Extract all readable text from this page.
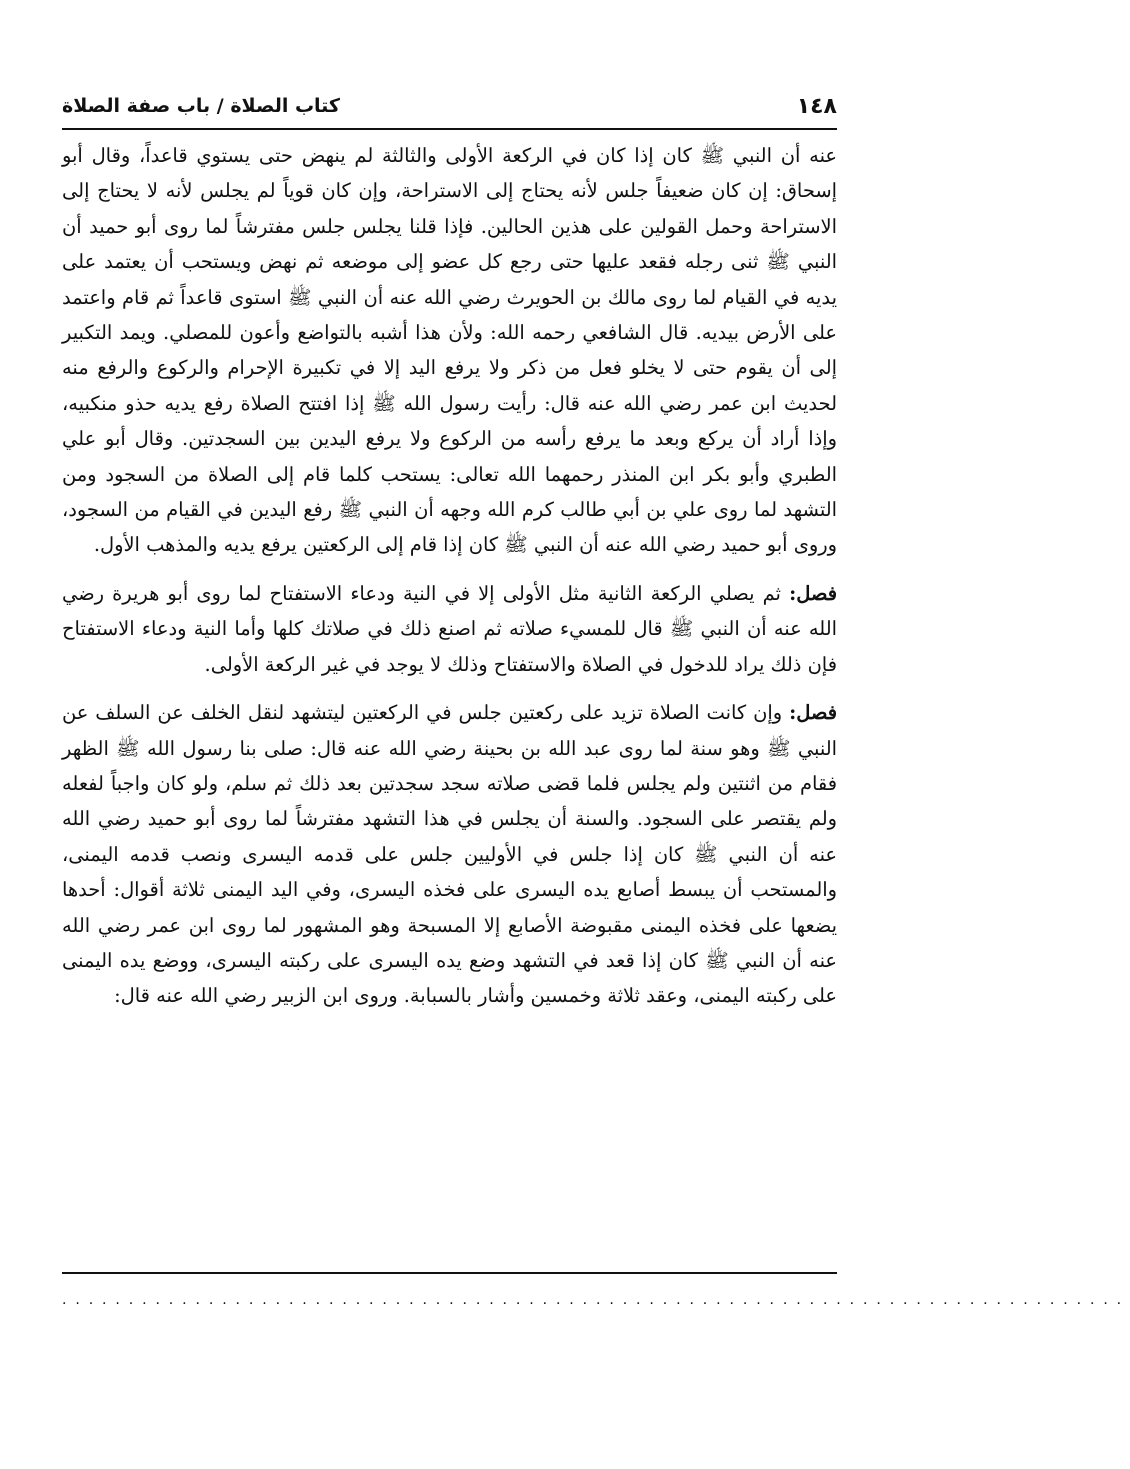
١٤٨
كتاب الصلاة / باب صفة الصلاة

عنه أن النبي ﷺ كان إذا كان في الركعة الأولى والثالثة لم ينهض حتى يستوي قاعداً، وقال أبو إسحاق: إن كان ضعيفاً جلس لأنه يحتاج إلى الاستراحة، وإن كان قوياً لم يجلس لأنه لا يحتاج إلى الاستراحة وحمل القولين على هذين الحالين. فإذا قلنا يجلس جلس مفترشاً لما روى أبو حميد أن النبي ﷺ ثنى رجله فقعد عليها حتى رجع كل عضو إلى موضعه ثم نهض ويستحب أن يعتمد على يديه في القيام لما روى مالك بن الحويرث رضي الله عنه أن النبي ﷺ استوى قاعداً ثم قام واعتمد على الأرض بيديه. قال الشافعي رحمه الله: ولأن هذا أشبه بالتواضع وأعون للمصلي. ويمد التكبير إلى أن يقوم حتى لا يخلو فعل من ذكر ولا يرفع اليد إلا في تكبيرة الإحرام والركوع والرفع منه لحديث ابن عمر رضي الله عنه قال: رأيت رسول الله ﷺ إذا افتتح الصلاة رفع يديه حذو منكبيه، وإذا أراد أن يركع وبعد ما يرفع رأسه من الركوع ولا يرفع اليدين بين السجدتين. وقال أبو علي الطبري وأبو بكر ابن المنذر رحمهما الله تعالى: يستحب كلما قام إلى الصلاة من السجود ومن التشهد لما روى علي بن أبي طالب كرم الله وجهه أن النبي ﷺ رفع اليدين في القيام من السجود، وروى أبو حميد رضي الله عنه أن النبي ﷺ كان إذا قام إلى الركعتين يرفع يديه والمذهب الأول.

فصل: ثم يصلي الركعة الثانية مثل الأولى إلا في النية ودعاء الاستفتاح لما روى أبو هريرة رضي الله عنه أن النبي ﷺ قال للمسيء صلاته ثم اصنع ذلك في صلاتك كلها وأما النية ودعاء الاستفتاح فإن ذلك يراد للدخول في الصلاة والاستفتاح وذلك لا يوجد في غير الركعة الأولى.

فصل: وإن كانت الصلاة تزيد على ركعتين جلس في الركعتين ليتشهد لنقل الخلف عن السلف عن النبي ﷺ وهو سنة لما روى عبد الله بن بحينة رضي الله عنه قال: صلى بنا رسول الله ﷺ الظهر فقام من اثنتين ولم يجلس فلما قضى صلاته سجد سجدتين بعد ذلك ثم سلم، ولو كان واجباً لفعله ولم يقتصر على السجود. والسنة أن يجلس في هذا التشهد مفترشاً لما روى أبو حميد رضي الله عنه أن النبي ﷺ كان إذا جلس في الأوليين جلس على قدمه اليسرى ونصب قدمه اليمنى، والمستحب أن يبسط أصابع يده اليسرى على فخذه اليسرى، وفي اليد اليمنى ثلاثة أقوال: أحدها يضعها على فخذه اليمنى مقبوضة الأصابع إلا المسبحة وهو المشهور لما روى ابن عمر رضي الله عنه أن النبي ﷺ كان إذا قعد في التشهد وضع يده اليسرى على ركبته اليسرى، ووضع يده اليمنى على ركبته اليمنى، وعقد ثلاثة وخمسين وأشار بالسبابة. وروى ابن الزبير رضي الله عنه قال:

................................................................................
